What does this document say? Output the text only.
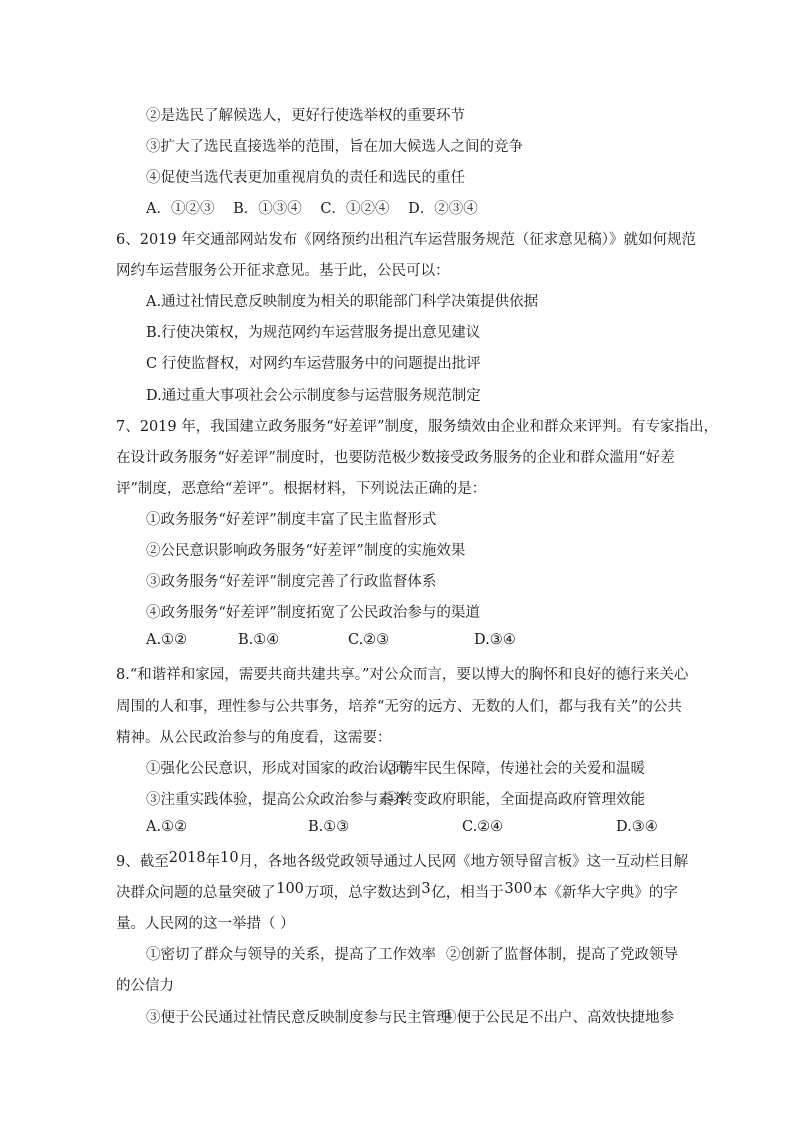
②是选民了解候选人，更好行使选举权的重要环节
③扩大了选民直接选举的范围，旨在加大候选人之间的竞争
④促使当选代表更加重视肩负的责任和选民的重任
A．①②③ B．①③④ C．①②④ D．②③④
6、2019 年交通部网站发布《网络预约出租汽车运营服务规范（征求意见稿）》就如何规范
网约车运营服务公开征求意见。基于此，公民可以：
A.通过社情民意反映制度为相关的职能部门科学决策提供依据
B.行使决策权，为规范网约车运营服务提出意见建议
C 行使监督权，对网约车运营服务中的问题提出批评
D.通过重大事项社会公示制度参与运营服务规范制定
7、2019 年，我国建立政务服务“好差评”制度，服务绩效由企业和群众来评判。有专家指出，
在设计政务服务“好差评”制度时，也要防范极少数接受政务服务的企业和群众滥用“好差
评”制度，恶意给“差评”。根据材料，下列说法正确的是：
①政务服务“好差评”制度丰富了民主监督形式
②公民意识影响政务服务“好差评”制度的实施效果
③政务服务“好差评”制度完善了行政监督体系
④政务服务“好差评”制度拓宽了公民政治参与的渠道
A.①②	B.①④	C.②③	D.③④
8.“和谐祥和家园，需要共商共建共享。”对公众而言，要以博大的胸怀和良好的德行来关心
周围的人和事，理性参与公共事务，培养“无穷的远方、无数的人们，都与我有关”的公共
精神。从公民政治参与的角度看，这需要：
①强化公民意识，形成对国家的政治认同
②铸牢民生保障，传递社会的关爱和温暖
③注重实践体验，提高公众政治参与素养
④转变政府职能，全面提高政府管理效能
A.①②	B.①③	C.②④	D.③④
9、截至 2018 年 10 月，各地各级党政领导通过人民网《地方领导留言板》这一互动栏目解
决群众问题的总量突破了 100 万项，总字数达到 3 亿，相当于 300 本《新华大字典》的字
量。人民网的这一举措（ ）
①密切了群众与领导的关系，提高了工作效率 ②创新了监督体制，提高了党政领导
的公信力
③便于公民通过社情民意反映制度参与民主管理
④便于公民足不出户、高效快捷地参
